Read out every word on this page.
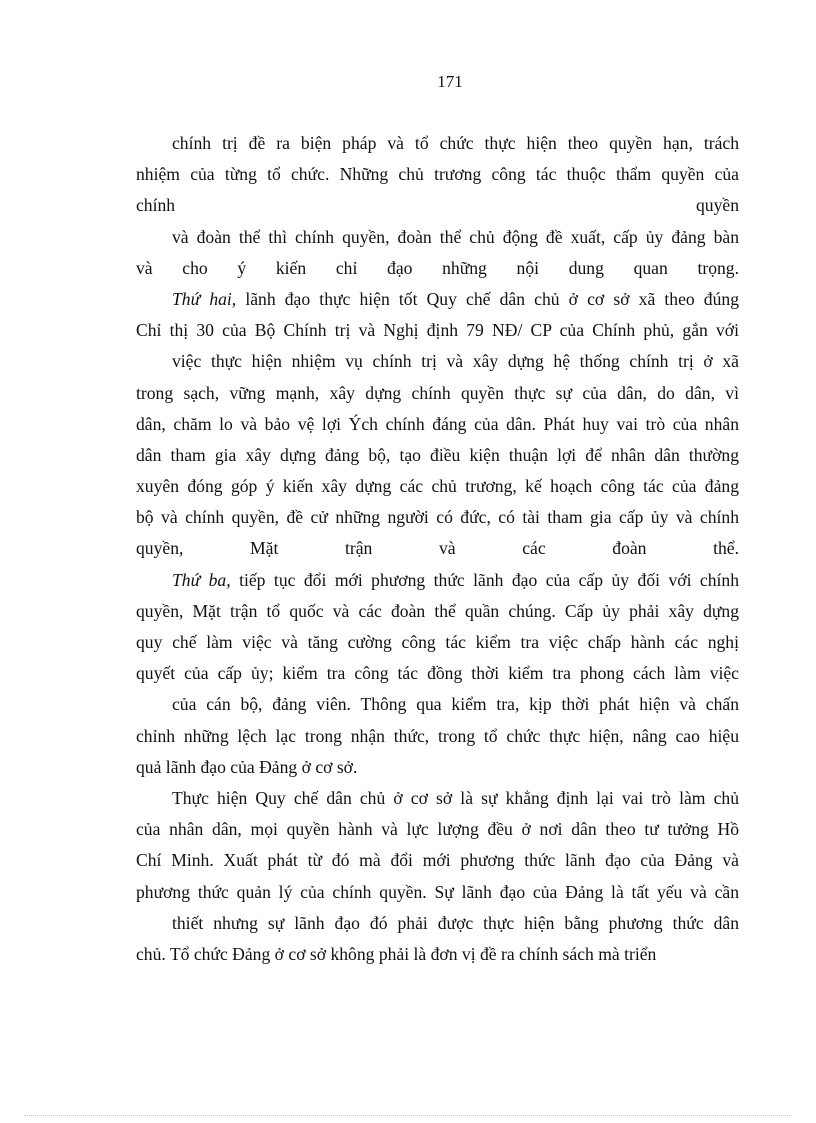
171
chính trị đề ra biện pháp và tổ chức thực hiện theo quyền hạn, trách
nhiệm của từng tổ chức. Những chủ trương công tác thuộc thẩm quyền của
chính quyền
và đoàn thể thì chính quyền, đoàn thể chủ động đề xuất, cấp ủy đảng bàn
và cho ý kiến chỉ đạo những nội dung quan trọng.
Thứ hai, lãnh đạo thực hiện tốt Quy chế dân chủ ở cơ sở xã theo đúng
Chỉ thị 30 của Bộ Chính trị và Nghị định 79 NĐ/ CP của Chính phủ, gắn với
việc thực hiện nhiệm vụ chính trị và xây dựng hệ thống chính trị ở xã
trong sạch, vững mạnh, xây dựng chính quyền thực sự của dân, do dân, vì
dân, chăm lo và bảo vệ lợi Ých chính đáng của dân. Phát huy vai trò của nhân
dân tham gia xây dựng đảng bộ, tạo điều kiện thuận lợi để nhân dân thường
xuyên đóng góp ý kiến xây dựng các chủ trương, kế hoạch công tác của đảng
bộ và chính quyền, đề cử những người có đức, có tài tham gia cấp ủy và chính
quyền, Mặt trận và các đoàn thể.
Thứ ba, tiếp tục đổi mới phương thức lãnh đạo của cấp ủy đối với chính
quyền, Mặt trận tổ quốc và các đoàn thể quần chúng. Cấp ủy phải xây dựng
quy chế làm việc và tăng cường công tác kiểm tra việc chấp hành các nghị
quyết của cấp ủy; kiểm tra công tác đồng thời kiểm tra phong cách làm việc
của cán bộ, đảng viên. Thông qua kiểm tra, kịp thời phát hiện và chấn
chỉnh những lệch lạc trong nhận thức, trong tổ chức thực hiện, nâng cao hiệu
quả lãnh đạo của Đảng ở cơ sở.
Thực hiện Quy chế dân chủ ở cơ sở là sự khẳng định lại vai trò làm chủ
của nhân dân, mọi quyền hành và lực lượng đều ở nơi dân theo tư tưởng Hồ
Chí Minh. Xuất phát từ đó mà đổi mới phương thức lãnh đạo của Đảng và
phương thức quản lý của chính quyền. Sự lãnh đạo của Đảng là tất yếu và cần
thiết nhưng sự lãnh đạo đó phải được thực hiện bằng phương thức dân
chủ. Tổ chức Đảng ở cơ sở không phải là đơn vị đề ra chính sách mà triển
